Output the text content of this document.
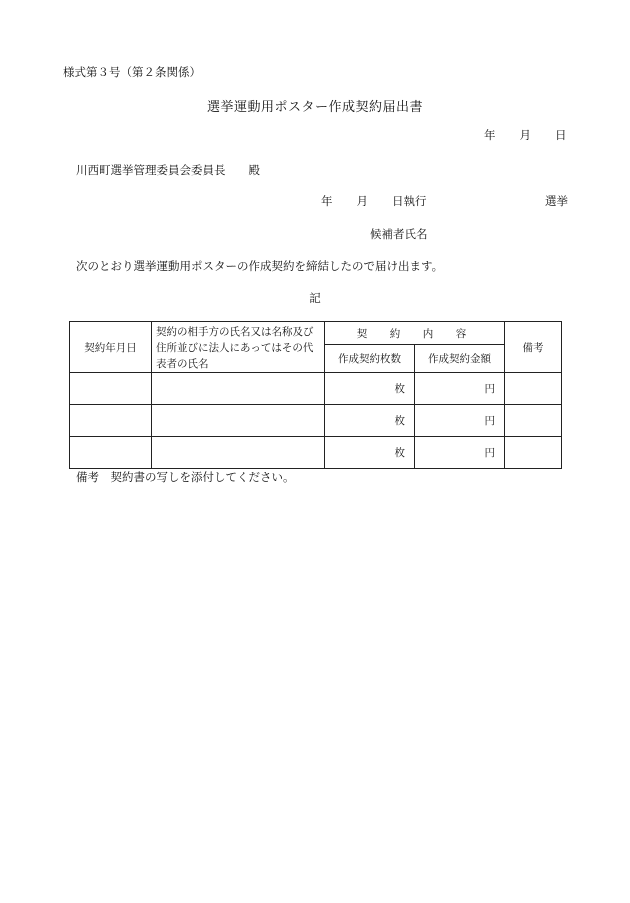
様式第３号（第２条関係）
選挙運動用ポスター作成契約届出書
年 月 日
川西町選挙管理委員会委員長　　殿
年 月 日執行	選挙
候補者氏名
次のとおり選挙運動用ポスターの作成契約を締結したので届け出ます。
記
契約年月日	契約の相手方の氏名又は名称及び住所並びに法人にあってはその代表者の氏名	契　約　内　容		備考
		作成契約枚数	作成契約金額	
		枚	円	
		枚	円	
		枚	円	
備考　契約書の写しを添付してください。
